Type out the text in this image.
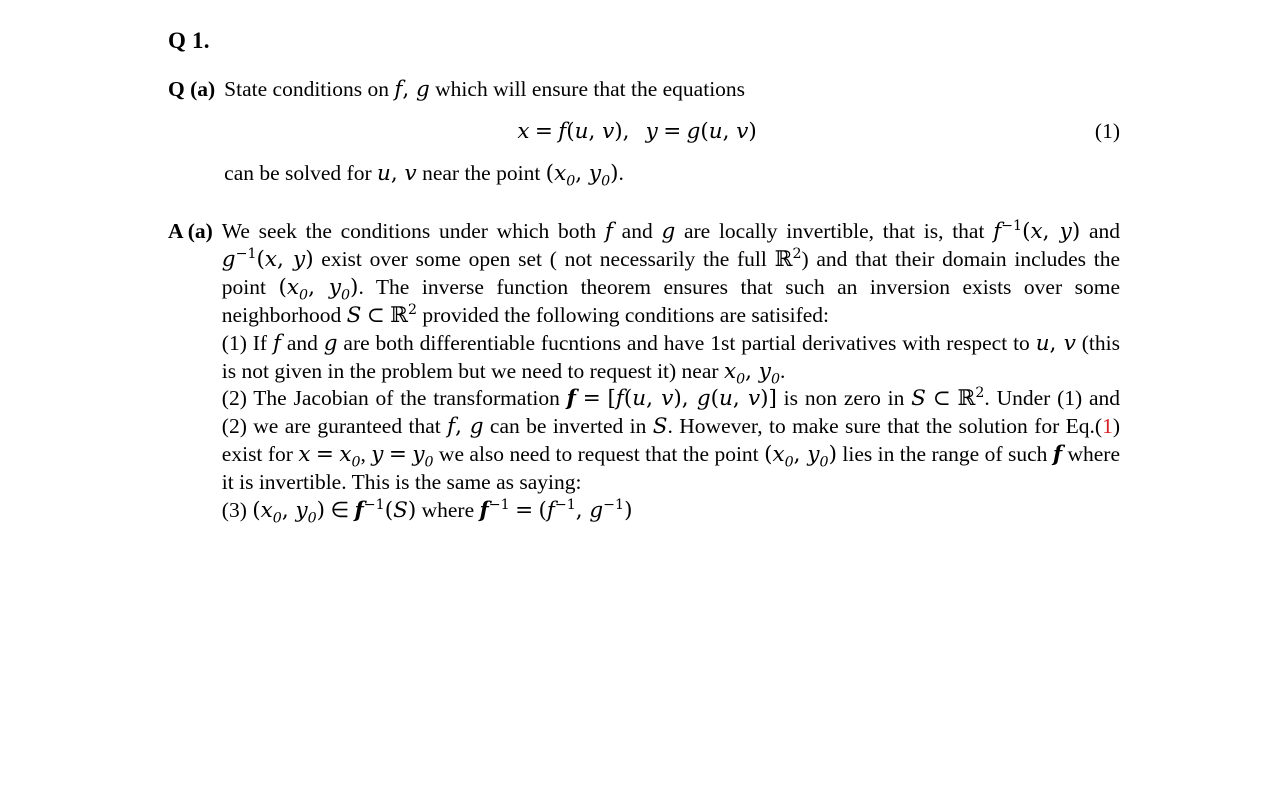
Q 1.
Q (a) State conditions on f, g which will ensure that the equations

x = f(u, v), y = g(u, v)	(1)

can be solved for u, v near the point ($x_0$, $y_0$).

A (a) We seek the conditions under which both f and g are locally invertible, that is, that $f^{-1}(x$, y) and $g^{-1}(x$, y) exist over some open set ( not necessarily the full ℝ$^2$) and that their domain includes the point ($x_0$, $y_0$). The inverse function theorem ensures that such an inversion exists over some neighborhood S ⊂ ℝ$^2$ provided the following conditions are satisifed:

(1) If f and g are both differentiable fucntions and have 1st partial derivatives with respect to u, v (this is not given in the problem but we need to request it) near $x_0$, $y_0$.

(2) The Jacobian of the transformation f = [f(u, v), g(u, v)] is non zero in S ⊂ ℝ$^2$. Under (1) and (2) we are guranteed that f, g can be inverted in S. However, to make sure that the solution for Eq.(1) exist for $x = x_0$, $y = y_0$ we also need to request that the point ($x_0$, $y_0$) lies in the range of such f where it is invertible. This is the same as saying:

(3) ($x_0$, $y_0$) ∈ $f^{-1}(S)$ where $f^{-1} = (f^{-1}$, $g^{-1}$)
